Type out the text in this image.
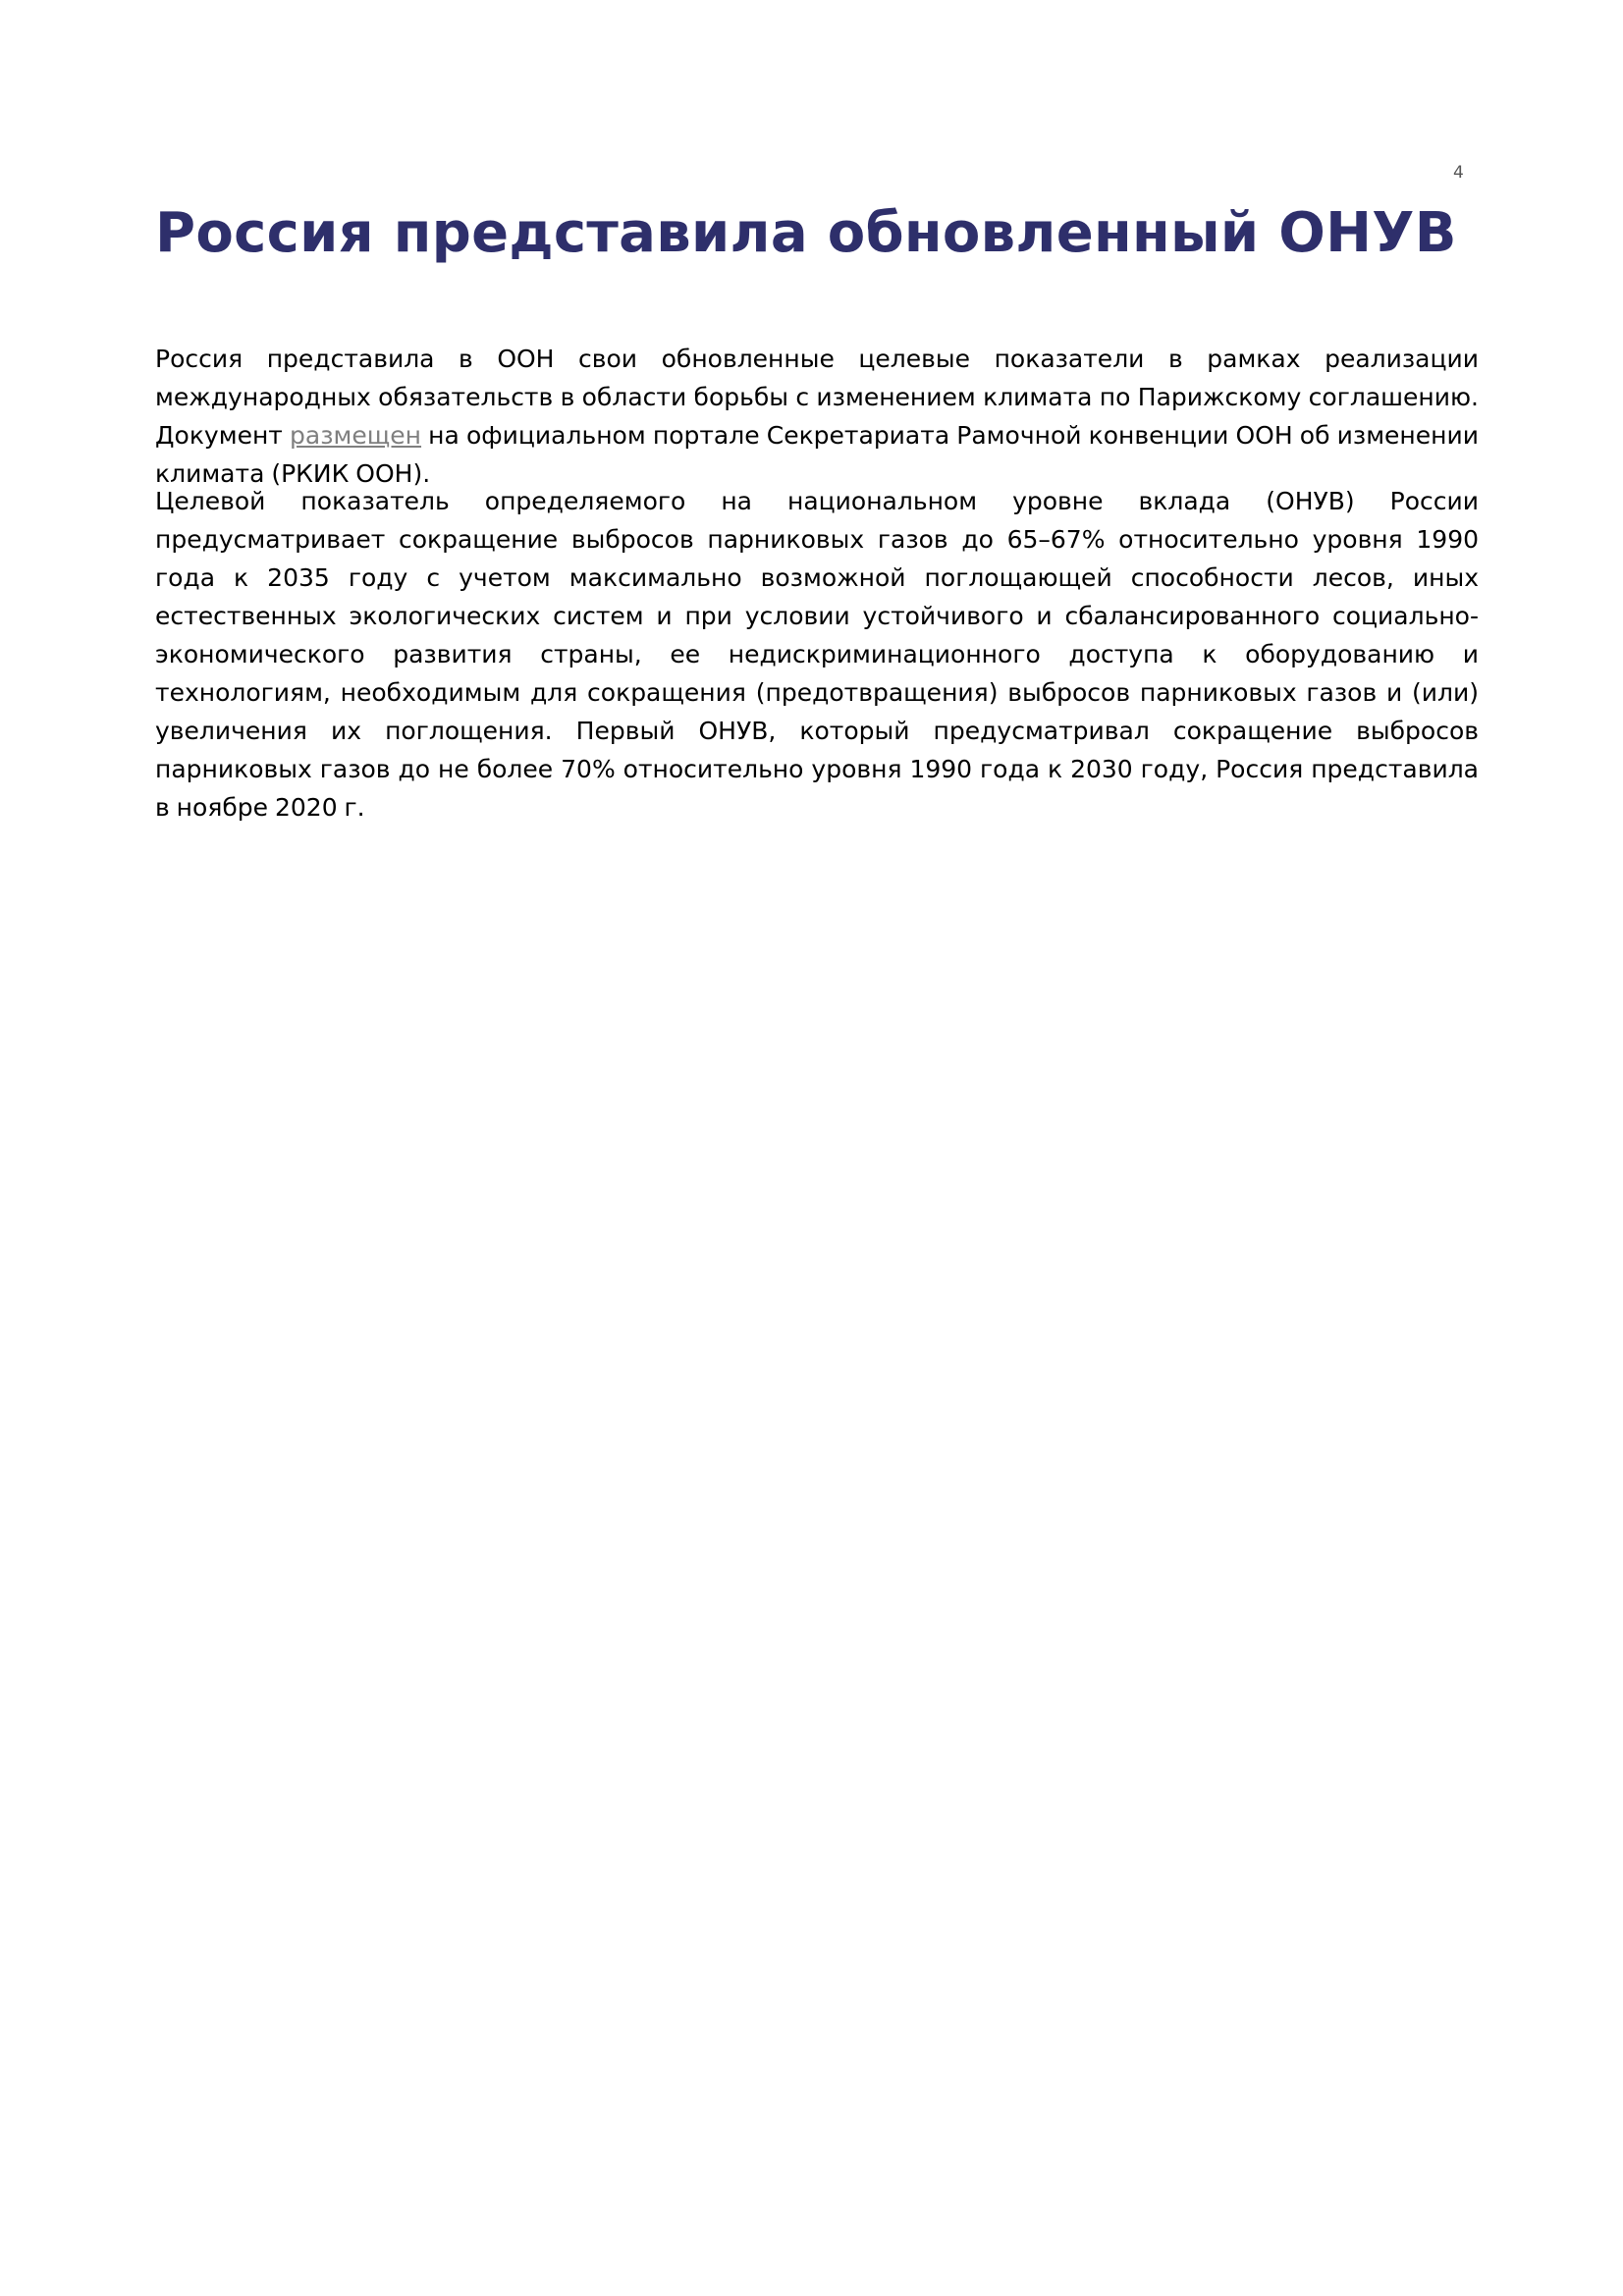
4
Россия представила обновленный ОНУВ

Россия представила в ООН свои обновленные целевые показатели в рамках реализации международных обязательств в области борьбы с изменением климата по Парижскому соглашению. Документ размещен на официальном портале Секретариата Рамочной конвенции ООН об изменении климата (РКИК ООН).

Целевой показатель определяемого на национальном уровне вклада (ОНУВ) России предусматривает сокращение выбросов парниковых газов до 65–67% относительно уровня 1990 года к 2035 году с учетом максимально возможной поглощающей способности лесов, иных естественных экологических систем и при условии устойчивого и сбалансированного социально-экономического развития страны, ее недискриминационного доступа к оборудованию и технологиям, необходимым для сокращения (предотвращения) выбросов парниковых газов и (или) увеличения их поглощения. Первый ОНУВ, который предусматривал сокращение выбросов парниковых газов до не более 70% относительно уровня 1990 года к 2030 году, Россия представила в ноябре 2020 г.
